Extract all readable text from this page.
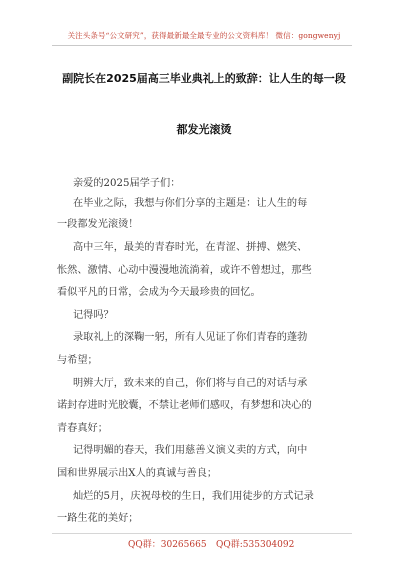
关注头条号“公文研究”，获得最新最全最专业的公文资料库！ 微信：gongwenyj
副院长在2025届高三毕业典礼上的致辞：让人生的每一段
都发光滚烫
亲爱的2025届学子们：
在毕业之际，我想与你们分享的主题是：让人生的每
一段都发光滚烫！
高中三年，最美的青春时光，在青涩、拼搏、燃笑、
怅然、激情、心动中漫漫地流淌着，或许不曾想过，那些
看似平凡的日常，会成为今天最珍贵的回忆。
记得吗？
录取礼上的深鞠一躬，所有人见证了你们青春的蓬勃
与希望；
明辨大厅，致未来的自己，你们将与自己的对话与承
诺封存进时光胶囊，不禁让老师们感叹，有梦想和决心的
青春真好；
记得明媚的春天，我们用慈善义演义卖的方式，向中
国和世界展示出X人的真诚与善良；
灿烂的5月，庆祝母校的生日，我们用徒步的方式记录
一路生花的美好；
QQ群：30265665 QQ群:535304092
